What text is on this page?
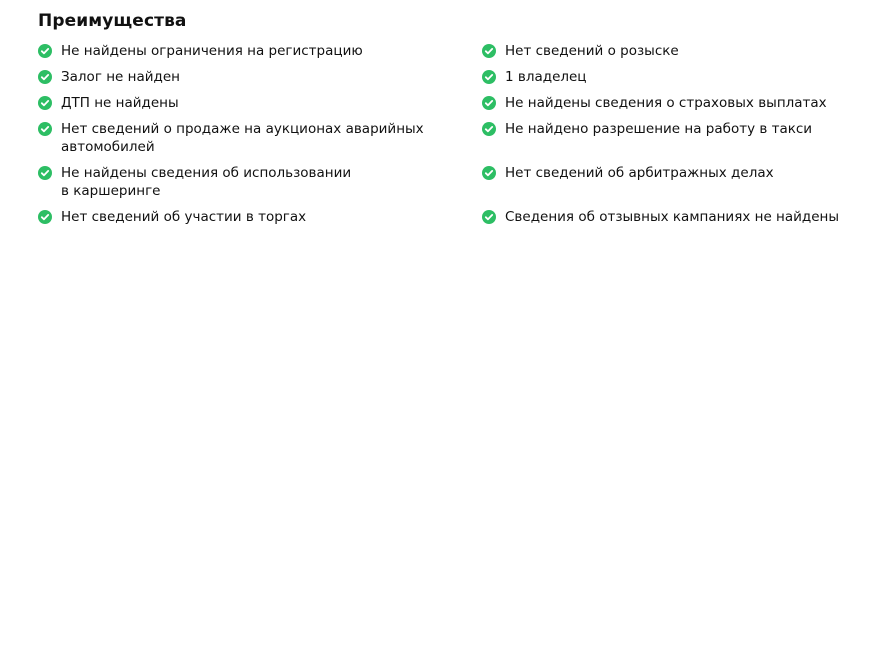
Преимущества
Не найдены ограничения на регистрацию	Нет сведений о розыске
Залог не найден	1 владелец
ДТП не найдены	Не найдены сведения о страховых выплатах
Нет сведений о продаже на аукционах аварийных
автомобилей
Не найдено разрешение на работу в такси
Не найдены сведения об использовании
в каршеринге
Нет сведений об арбитражных делах
Нет сведений об участии в торгах	Сведения об отзывных кампаниях не найдены
